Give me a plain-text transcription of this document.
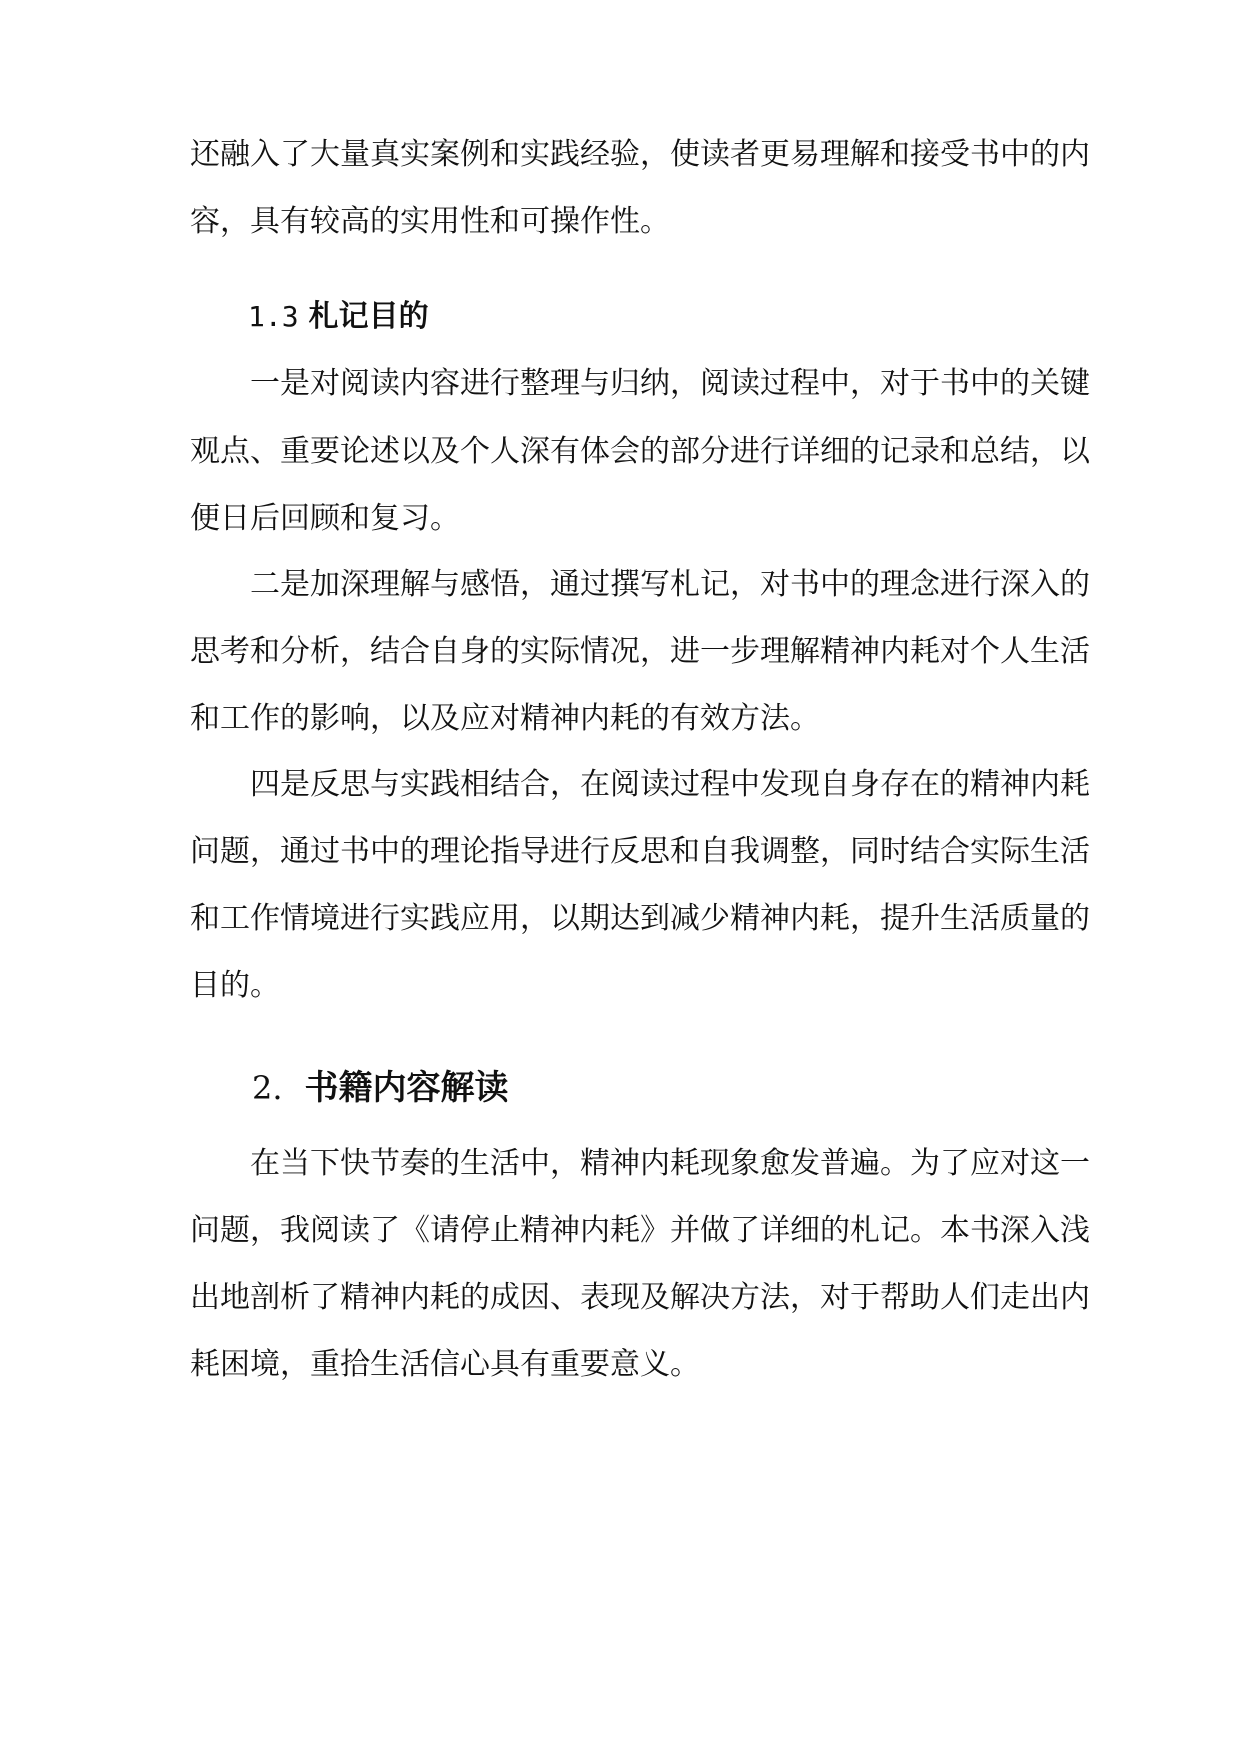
还融入了大量真实案例和实践经验，使读者更易理解和接受书中的内
容，具有较高的实用性和可操作性。
1.3 札记目的
一是对阅读内容进行整理与归纳，阅读过程中，对于书中的关键
观点、重要论述以及个人深有体会的部分进行详细的记录和总结，以
便日后回顾和复习。
二是加深理解与感悟，通过撰写札记，对书中的理念进行深入的
思考和分析，结合自身的实际情况，进一步理解精神内耗对个人生活
和工作的影响，以及应对精神内耗的有效方法。
四是反思与实践相结合，在阅读过程中发现自身存在的精神内耗
问题，通过书中的理论指导进行反思和自我调整，同时结合实际生活
和工作情境进行实践应用，以期达到减少精神内耗，提升生活质量的
目的。
2. 书籍内容解读
在当下快节奏的生活中，精神内耗现象愈发普遍。为了应对这一
问题，我阅读了《请停止精神内耗》并做了详细的札记。本书深入浅
出地剖析了精神内耗的成因、表现及解决方法，对于帮助人们走出内
耗困境，重拾生活信心具有重要意义。
